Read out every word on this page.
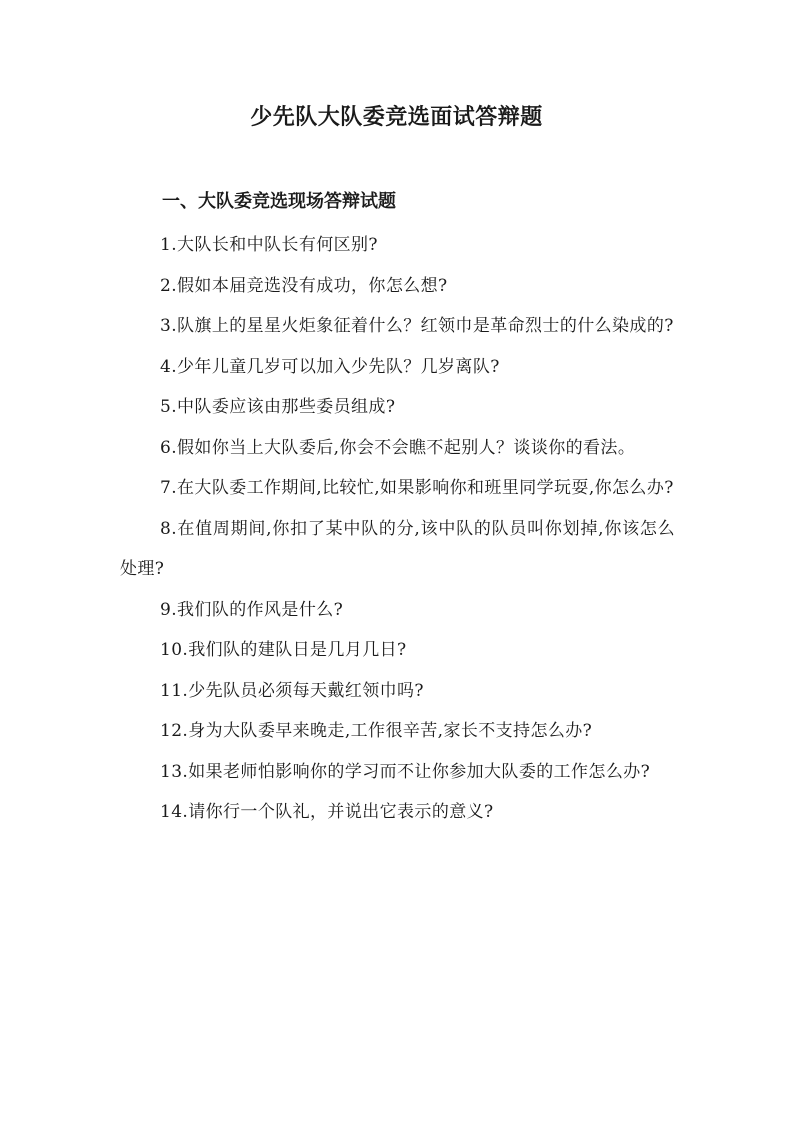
少先队大队委竞选面试答辩题
一、大队委竞选现场答辩试题
1.大队长和中队长有何区别?
2.假如本届竞选没有成功，你怎么想?
3.队旗上的星星火炬象征着什么？红领巾是革命烈士的什么染成的?
4.少年儿童几岁可以加入少先队？几岁离队?
5.中队委应该由那些委员组成?
6.假如你当上大队委后,你会不会瞧不起别人？谈谈你的看法。
7.在大队委工作期间,比较忙,如果影响你和班里同学玩耍,你怎么办?
8.在值周期间,你扣了某中队的分,该中队的队员叫你划掉,你该怎么处理?
9.我们队的作风是什么?
10.我们队的建队日是几月几日?
11.少先队员必须每天戴红领巾吗?
12.身为大队委早来晚走,工作很辛苦,家长不支持怎么办?
13.如果老师怕影响你的学习而不让你参加大队委的工作怎么办?
14.请你行一个队礼，并说出它表示的意义?
